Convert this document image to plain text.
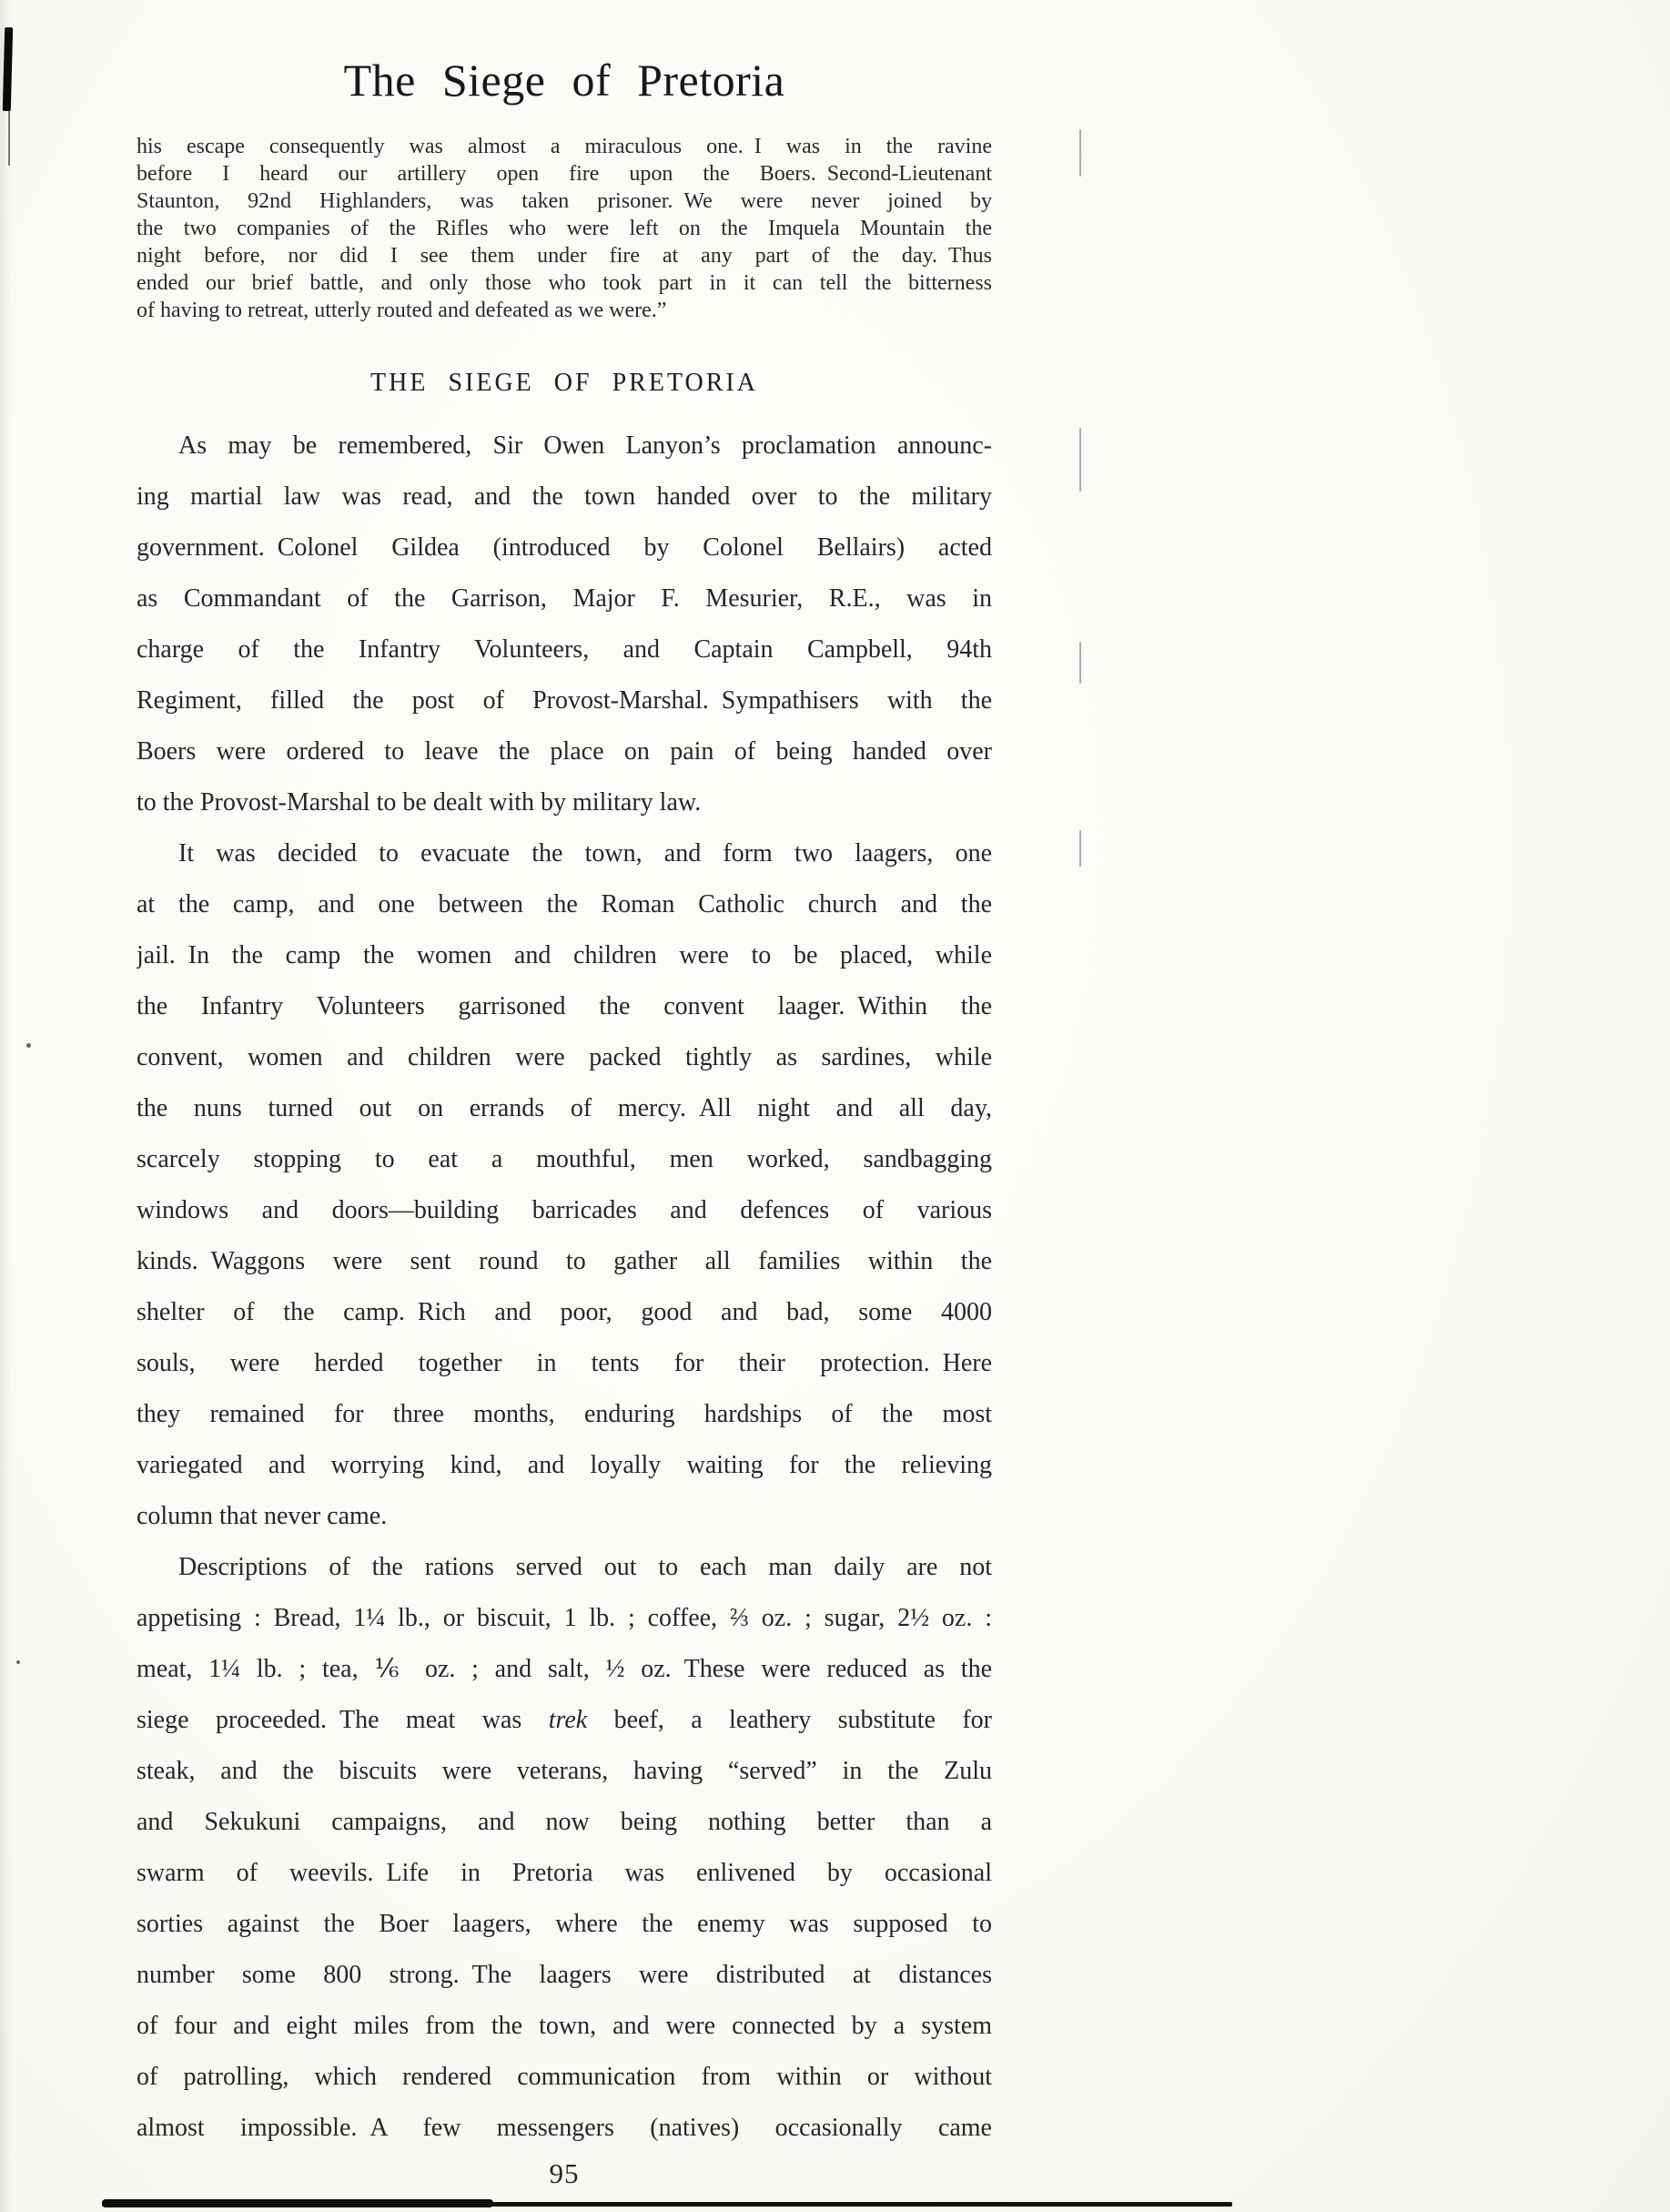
The Siege of Pretoria
his escape consequently was almost a miraculous one. I was in the ravine
before I heard our artillery open fire upon the Boers. Second-Lieutenant
Staunton, 92nd Highlanders, was taken prisoner. We were never joined by
the two companies of the Rifles who were left on the Imquela Mountain the
night before, nor did I see them under fire at any part of the day. Thus
ended our brief battle, and only those who took part in it can tell the bitterness
of having to retreat, utterly routed and defeated as we were.”
THE SIEGE OF PRETORIA
As may be remembered, Sir Owen Lanyon’s proclamation announc-
ing martial law was read, and the town handed over to the military
government. Colonel Gildea (introduced by Colonel Bellairs) acted
as Commandant of the Garrison, Major F. Mesurier, R.E., was in
charge of the Infantry Volunteers, and Captain Campbell, 94th
Regiment, filled the post of Provost-Marshal. Sympathisers with the
Boers were ordered to leave the place on pain of being handed over
to the Provost-Marshal to be dealt with by military law.
It was decided to evacuate the town, and form two laagers, one
at the camp, and one between the Roman Catholic church and the
jail. In the camp the women and children were to be placed, while
the Infantry Volunteers garrisoned the convent laager. Within the
convent, women and children were packed tightly as sardines, while
the nuns turned out on errands of mercy. All night and all day,
scarcely stopping to eat a mouthful, men worked, sandbagging
windows and doors—building barricades and defences of various
kinds. Waggons were sent round to gather all families within the
shelter of the camp. Rich and poor, good and bad, some 4000
souls, were herded together in tents for their protection. Here
they remained for three months, enduring hardships of the most
variegated and worrying kind, and loyally waiting for the relieving
column that never came.
Descriptions of the rations served out to each man daily are not
appetising : Bread, 1¼ lb., or biscuit, 1 lb. ; coffee, ⅔ oz. ; sugar, 2½ oz. :
meat, 1¼ lb. ; tea, ⅙ oz. ; and salt, ½ oz. These were reduced as the
siege proceeded. The meat was trek beef, a leathery substitute for
steak, and the biscuits were veterans, having “served” in the Zulu
and Sekukuni campaigns, and now being nothing better than a
swarm of weevils. Life in Pretoria was enlivened by occasional
sorties against the Boer laagers, where the enemy was supposed to
number some 800 strong. The laagers were distributed at distances
of four and eight miles from the town, and were connected by a system
of patrolling, which rendered communication from within or without
almost impossible. A few messengers (natives) occasionally came
95
